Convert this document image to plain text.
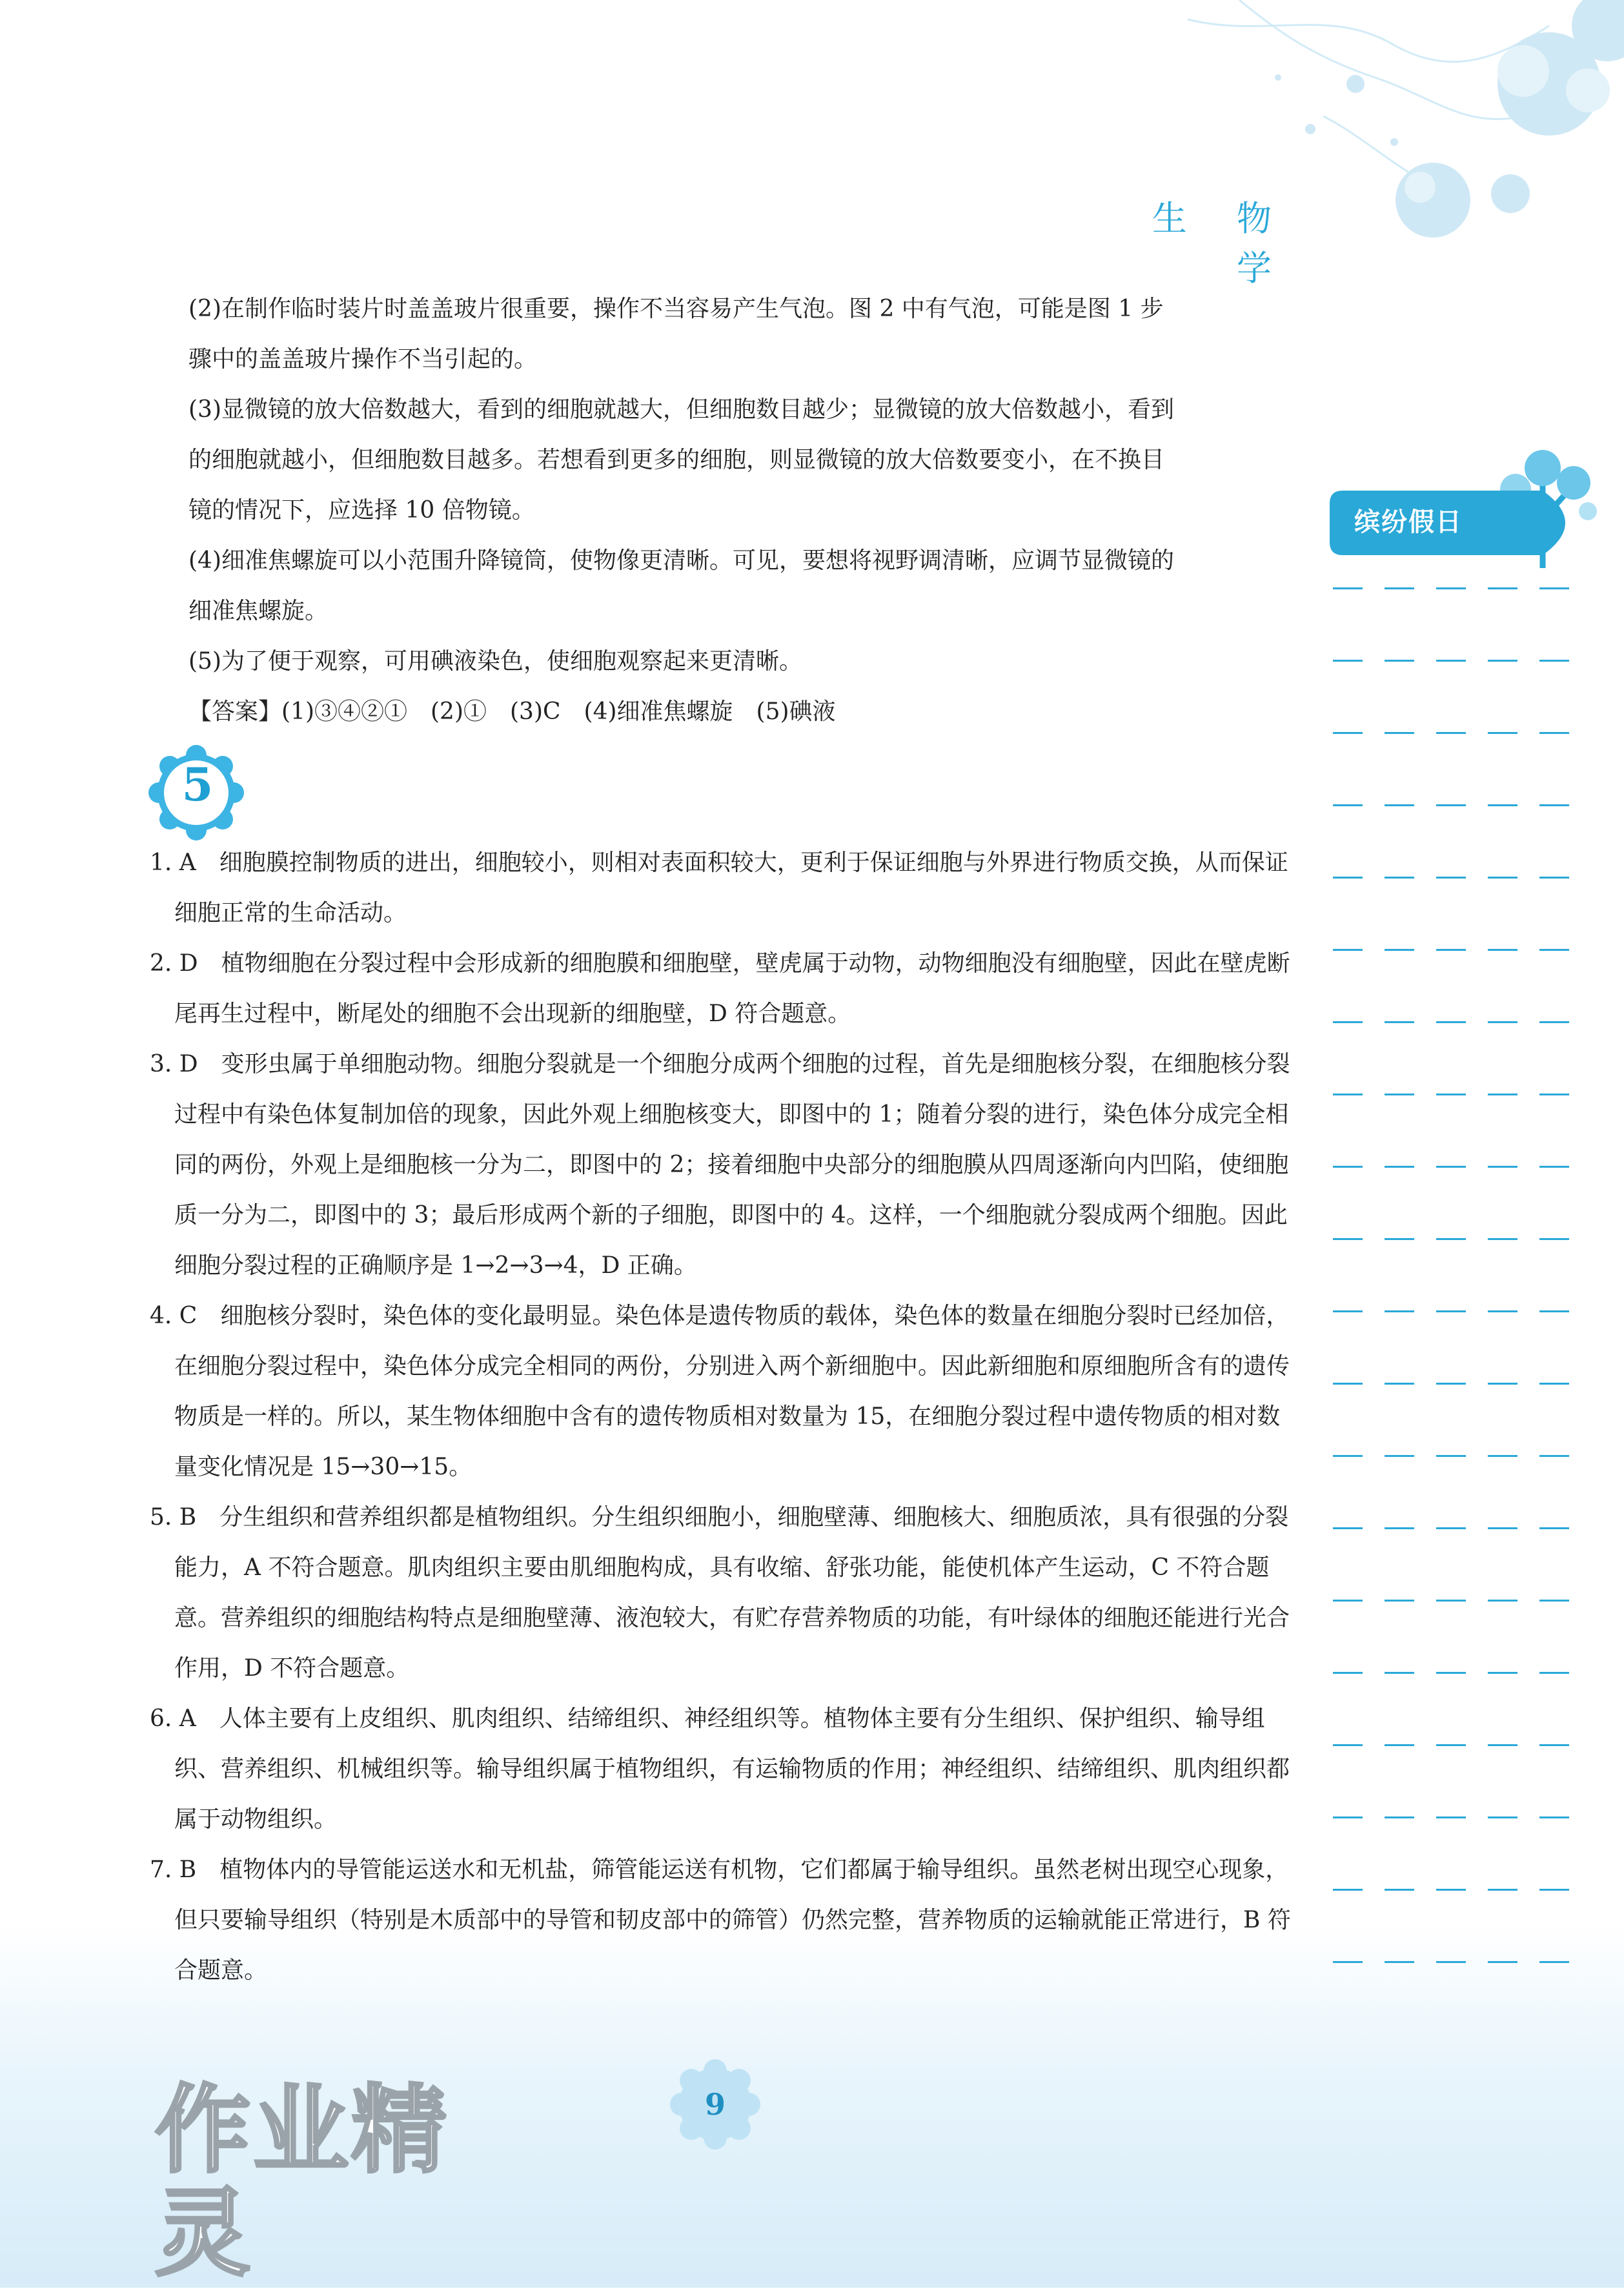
生 物 学
缤纷假日

(2)在制作临时装片时盖盖玻片很重要，操作不当容易产生气泡。图 2 中有气泡，可能是图 1 步

骤中的盖盖玻片操作不当引起的。

(3)显微镜的放大倍数越大，看到的细胞就越大，但细胞数目越少；显微镜的放大倍数越小，看到

的细胞就越小，但细胞数目越多。若想看到更多的细胞，则显微镜的放大倍数要变小，在不换目

镜的情况下，应选择 10 倍物镜。

(4)细准焦螺旋可以小范围升降镜筒，使物像更清晰。可见，要想将视野调清晰，应调节显微镜的

细准焦螺旋。

(5)为了便于观察，可用碘液染色，使细胞观察起来更清晰。

【答案】(1)③④②①　(2)①　(3)C　(4)细准焦螺旋　(5)碘液

5

1. A　细胞膜控制物质的进出，细胞较小，则相对表面积较大，更利于保证细胞与外界进行物质交换，从而保证细胞正常的生命活动。

2. D　植物细胞在分裂过程中会形成新的细胞膜和细胞壁，壁虎属于动物，动物细胞没有细胞壁，因此在壁虎断尾再生过程中，断尾处的细胞不会出现新的细胞壁，D 符合题意。

3. D　变形虫属于单细胞动物。细胞分裂就是一个细胞分成两个细胞的过程，首先是细胞核分裂，在细胞核分裂过程中有染色体复制加倍的现象，因此外观上细胞核变大，即图中的 1；随着分裂的进行，染色体分成完全相同的两份，外观上是细胞核一分为二，即图中的 2；接着细胞中央部分的细胞膜从四周逐渐向内凹陷，使细胞质一分为二，即图中的 3；最后形成两个新的子细胞，即图中的 4。这样，一个细胞就分裂成两个细胞。因此细胞分裂过程的正确顺序是 1→2→3→4，D 正确。

4. C　细胞核分裂时，染色体的变化最明显。染色体是遗传物质的载体，染色体的数量在细胞分裂时已经加倍，在细胞分裂过程中，染色体分成完全相同的两份，分别进入两个新细胞中。因此新细胞和原细胞所含有的遗传物质是一样的。所以，某生物体细胞中含有的遗传物质相对数量为 15，在细胞分裂过程中遗传物质的相对数量变化情况是 15→30→15。

5. B　分生组织和营养组织都是植物组织。分生组织细胞小，细胞壁薄、细胞核大、细胞质浓，具有很强的分裂能力，A 不符合题意。肌肉组织主要由肌细胞构成，具有收缩、舒张功能，能使机体产生运动，C 不符合题意。营养组织的细胞结构特点是细胞壁薄、液泡较大，有贮存营养物质的功能，有叶绿体的细胞还能进行光合作用，D 不符合题意。

6. A　人体主要有上皮组织、肌肉组织、结缔组织、神经组织等。植物体主要有分生组织、保护组织、输导组织、营养组织、机械组织等。输导组织属于植物组织，有运输物质的作用；神经组织、结缔组织、肌肉组织都属于动物组织。

7. B　植物体内的导管能运送水和无机盐，筛管能运送有机物，它们都属于输导组织。虽然老树出现空心现象，但只要输导组织（特别是木质部中的导管和韧皮部中的筛管）仍然完整，营养物质的运输就能正常进行，B 符合题意。

9
作业精灵
